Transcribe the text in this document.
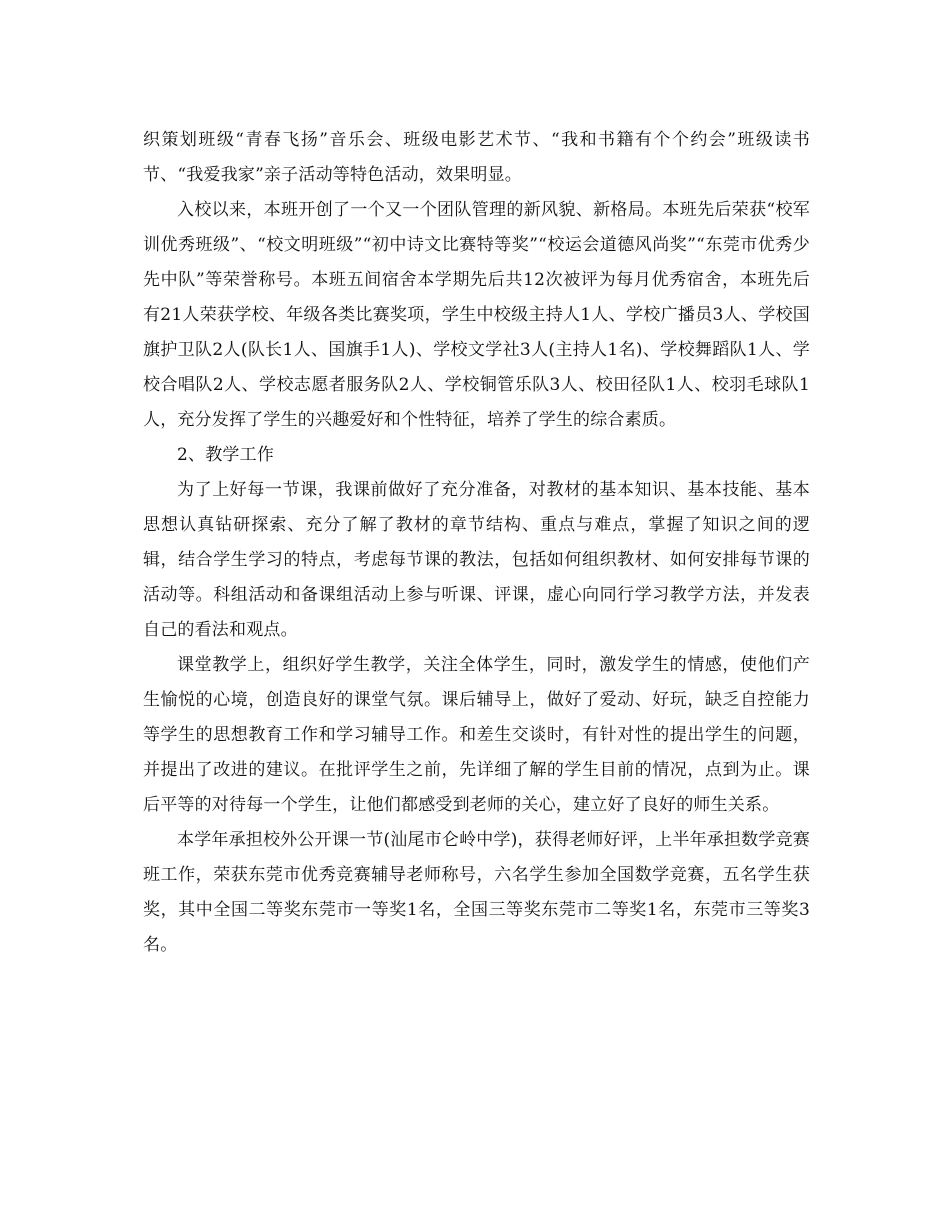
织策划班级“青春飞扬”音乐会、班级电影艺术节、“我和书籍有个个约会”班级读书节、“我爱我家”亲子活动等特色活动，效果明显。

入校以来，本班开创了一个又一个团队管理的新风貌、新格局。本班先后荣获“校军训优秀班级”、“校文明班级”“初中诗文比赛特等奖”“校运会道德风尚奖”“东莞市优秀少先中队”等荣誉称号。本班五间宿舍本学期先后共12次被评为每月优秀宿舍，本班先后有21人荣获学校、年级各类比赛奖项，学生中校级主持人1人、学校广播员3人、学校国旗护卫队2人(队长1人、国旗手1人)、学校文学社3人(主持人1名)、学校舞蹈队1人、学校合唱队2人、学校志愿者服务队2人、学校铜管乐队3人、校田径队1人、校羽毛球队1人，充分发挥了学生的兴趣爱好和个性特征，培养了学生的综合素质。

2、教学工作

为了上好每一节课，我课前做好了充分准备，对教材的基本知识、基本技能、基本思想认真钻研探索、充分了解了教材的章节结构、重点与难点，掌握了知识之间的逻辑，结合学生学习的特点，考虑每节课的教法，包括如何组织教材、如何安排每节课的活动等。科组活动和备课组活动上参与听课、评课，虚心向同行学习教学方法，并发表自己的看法和观点。

课堂教学上，组织好学生教学，关注全体学生，同时，激发学生的情感，使他们产生愉悦的心境，创造良好的课堂气氛。课后辅导上，做好了爱动、好玩，缺乏自控能力等学生的思想教育工作和学习辅导工作。和差生交谈时，有针对性的提出学生的问题，并提出了改进的建议。在批评学生之前，先详细了解的学生目前的情况，点到为止。课后平等的对待每一个学生，让他们都感受到老师的关心，建立好了良好的师生关系。

本学年承担校外公开课一节(汕尾市仑岭中学)，获得老师好评，上半年承担数学竞赛班工作，荣获东莞市优秀竞赛辅导老师称号，六名学生参加全国数学竞赛，五名学生获奖，其中全国二等奖东莞市一等奖1名，全国三等奖东莞市二等奖1名，东莞市三等奖3名。
